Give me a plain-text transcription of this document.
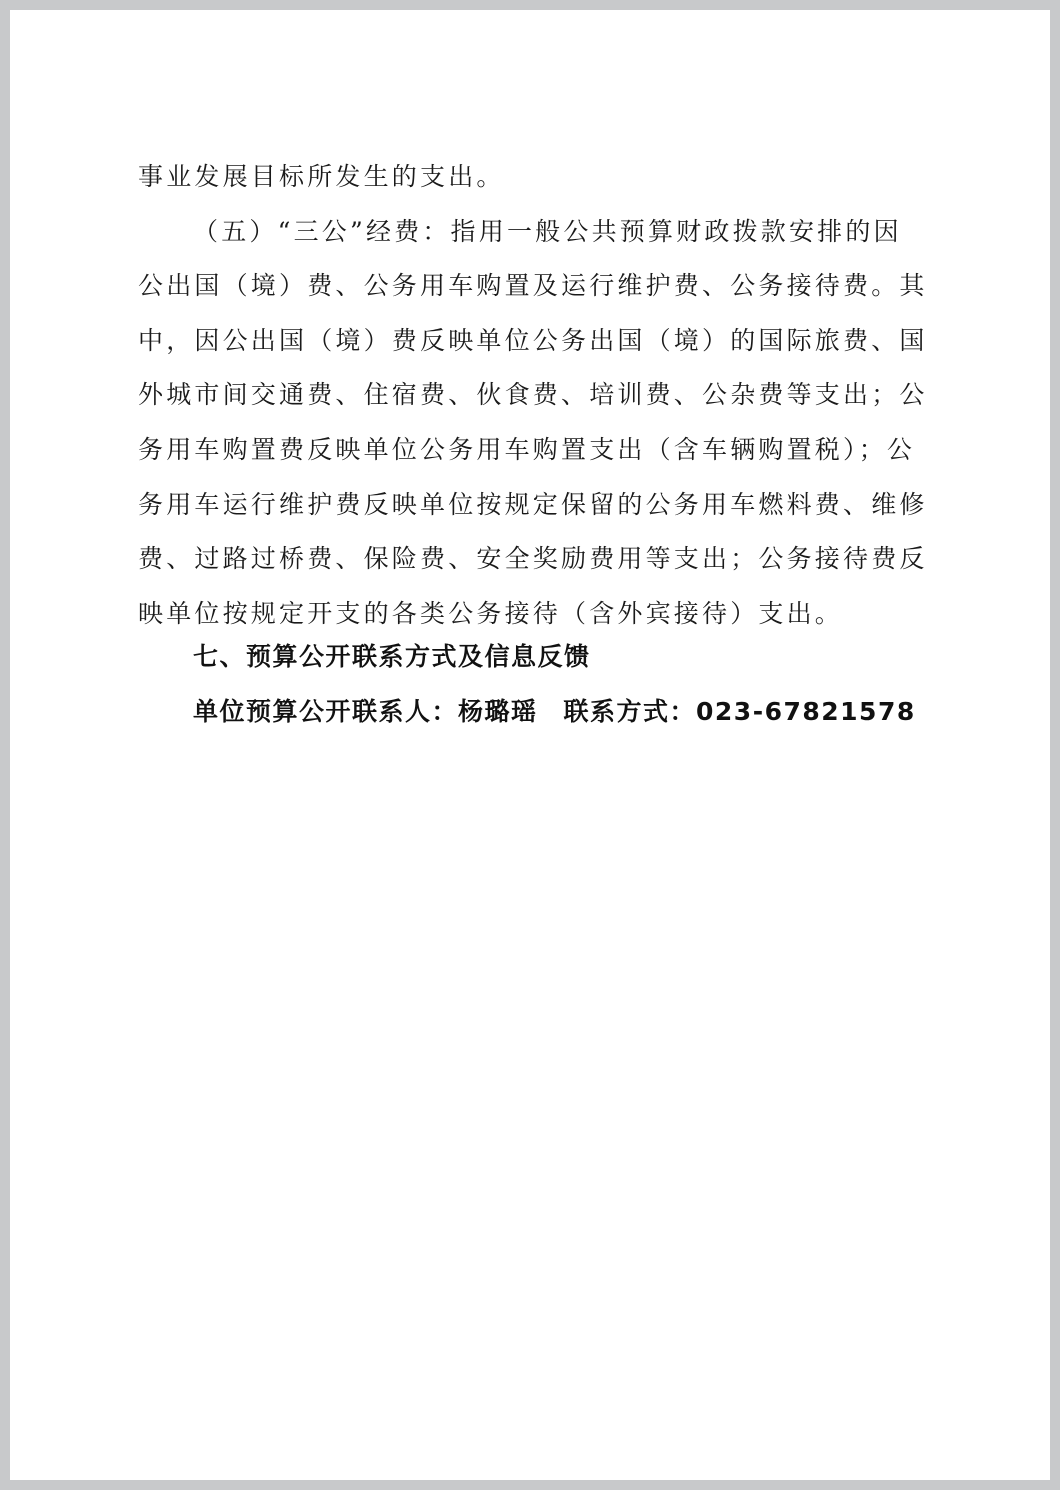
事业发展目标所发生的支出。
（五）“三公”经费：指用一般公共预算财政拨款安排的因
公出国（境）费、公务用车购置及运行维护费、公务接待费。其
中，因公出国（境）费反映单位公务出国（境）的国际旅费、国
外城市间交通费、住宿费、伙食费、培训费、公杂费等支出；公
务用车购置费反映单位公务用车购置支出（含车辆购置税）；公
务用车运行维护费反映单位按规定保留的公务用车燃料费、维修
费、过路过桥费、保险费、安全奖励费用等支出；公务接待费反
映单位按规定开支的各类公务接待（含外宾接待）支出。
七、预算公开联系方式及信息反馈
单位预算公开联系人：杨璐瑶 联系方式：023-67821578
